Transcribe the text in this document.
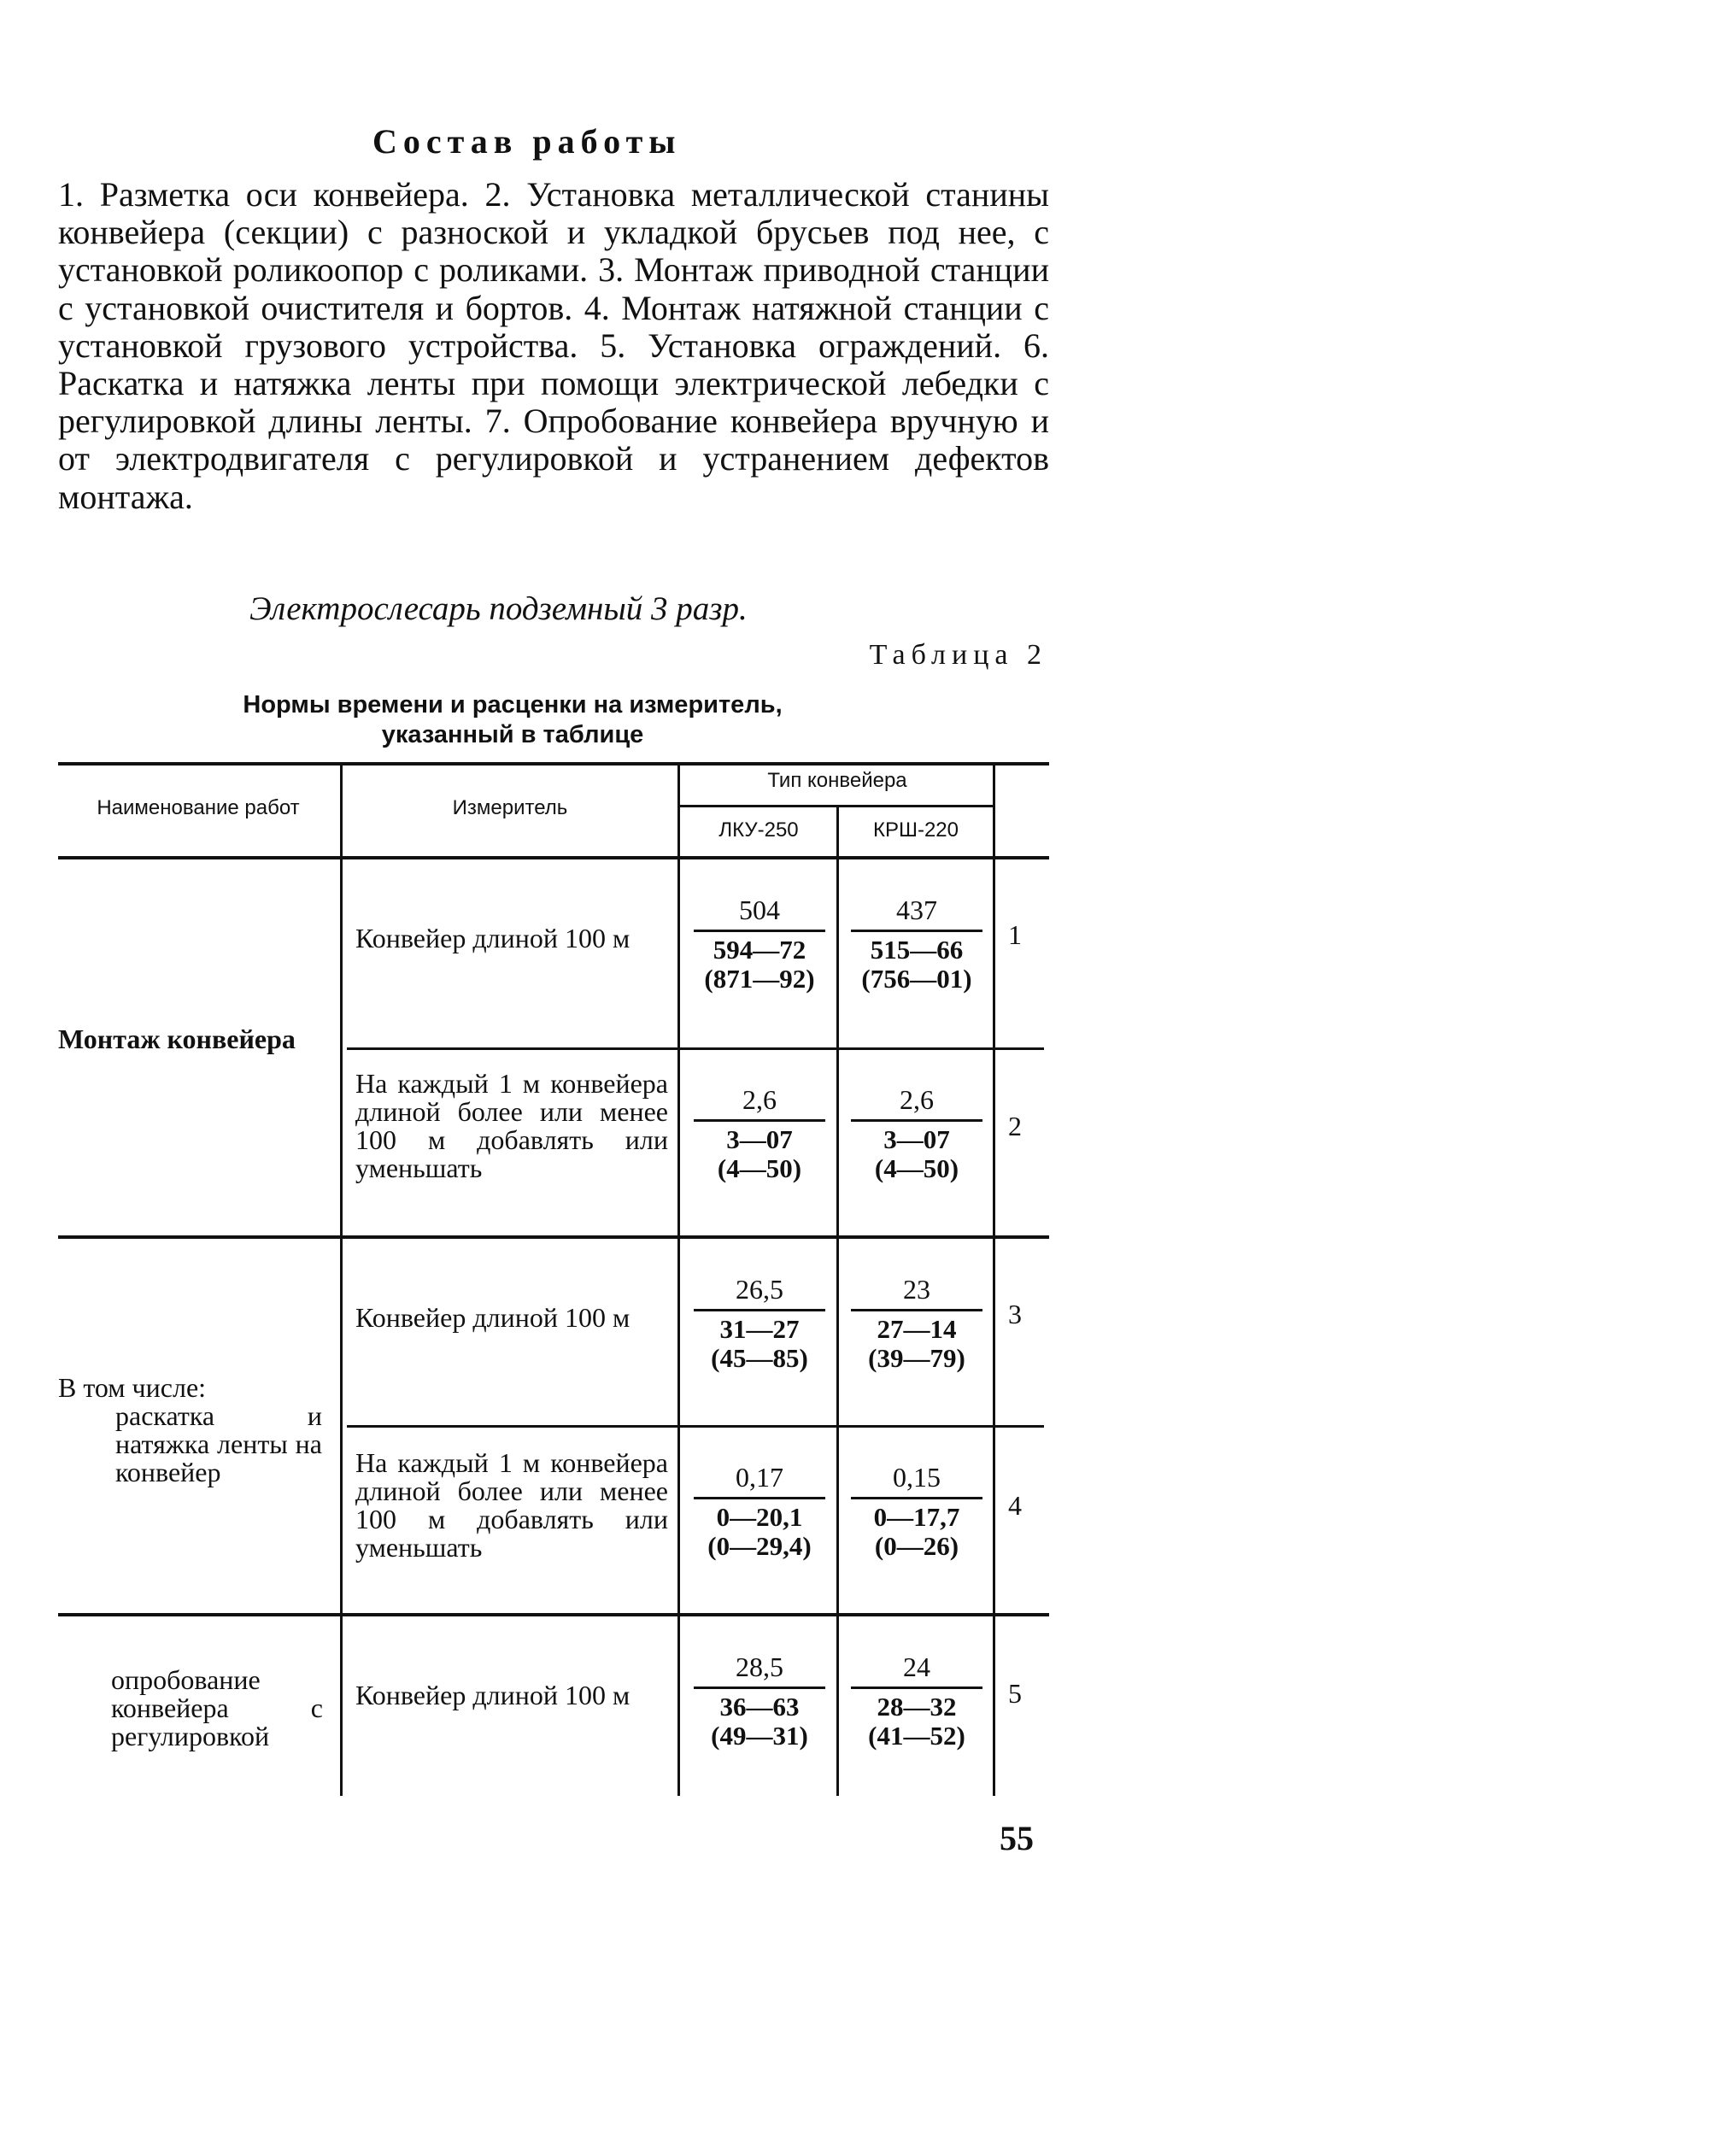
Состав работы

1. Разметка оси конвейера. 2. Установка металлической станины конвейера (секции) с разноской и укладкой брусьев под нее, с установкой роликоопор с роликами. 3. Монтаж приводной станции с установкой очистителя и бортов. 4. Монтаж натяжной станции с установкой грузового устройства. 5. Установка ограждений. 6. Раскатка и натяжка ленты при помощи электрической лебедки с регулировкой длины ленты. 7. Опробование конвейера вручную и от электродвигателя с регулировкой и устранением дефектов монтажа.

Электрослесарь подземный 3 разр.
Таблица 2
Нормы времени и расценки на измеритель,
указанный в таблице
Наименование работ	Измеритель
Тип конвейера
ЛКУ-250	КРШ-220
Монтаж конвейера
В том числе:
раскатка и натяжка ленты на конвейер
опробование конвейера с регулировкой
Конвейер длиной 100 м
На каждый 1 м конвейера длиной более или менее 100 м добавлять или уменьшать
Конвейер длиной 100 м
На каждый 1 м конвейера длиной более или менее 100 м добавлять или уменьшать
Конвейер длиной 100 м
504
594—72
(871—92)
437
515—66
(756—01)
1
2,6
3—07
(4—50)
2,6
3—07
(4—50)
2
26,5
31—27
(45—85)
23
27—14
(39—79)
3
0,17
0—20,1
(0—29,4)
0,15
0—17,7
(0—26)
4
28,5
36—63
(49—31)
24
28—32
(41—52)
5
55
